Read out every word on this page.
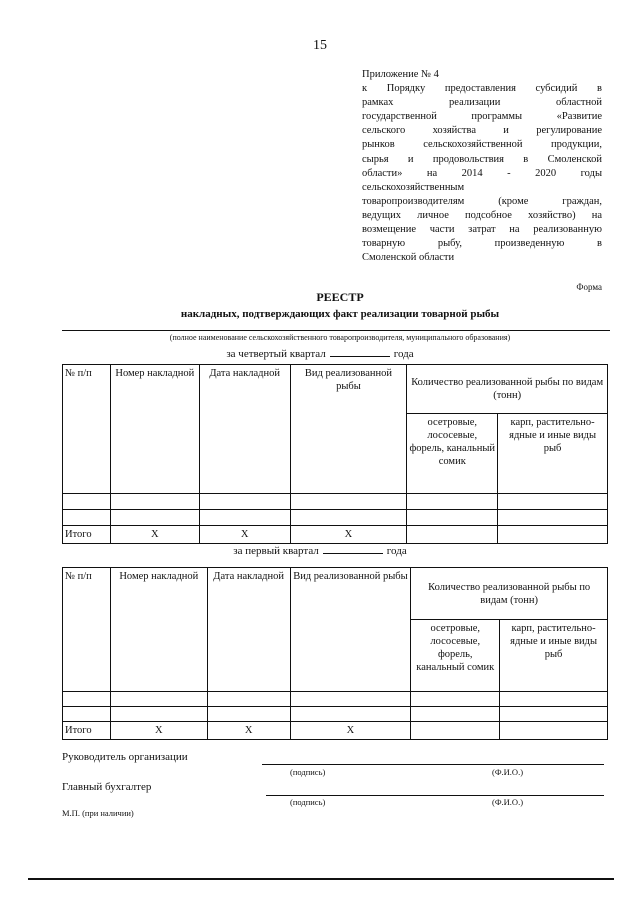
15
Приложение № 4
к Порядку предоставления субсидий в
рамках реализации областной
государственной программы «Развитие
сельского хозяйства и регулирование
рынков сельскохозяйственной продукции,
сырья и продовольствия в Смоленской
области» на 2014 - 2020 годы
сельскохозяйственным
товаропроизводителям (кроме граждан,
ведущих личное подсобное хозяйство) на
возмещение части затрат на реализованную
товарную рыбу, произведенную в
Смоленской области
Форма
РЕЕСТР
накладных, подтверждающих факт реализации товарной рыбы
(полное наименование сельскохозяйственного товаропроизводителя, муниципального образования)
за четвертый квартал	года
№ п/п	Номер накладной	Дата накладной	Вид реализованной рыбы	Количество реализованной рыбы по видам (тонн)	
				осетровые, лососевые, форель, канальный сомик	карп, растительно-ядные и иные виды рыб

Итого	Х	Х	Х		
за первый квартал	года
№ п/п	Номер накладной	Дата накладной	Вид реализованной рыбы	Количество реализованной рыбы по видам (тонн)	
				осетровые, лососевые, форель, канальный сомик	карп, растительно-ядные и иные виды рыб

Итого	Х	Х	Х		
Руководитель организации
(подпись)	(Ф.И.О.)
Главный бухгалтер
(подпись)	(Ф.И.О.)
М.П. (при наличии)
